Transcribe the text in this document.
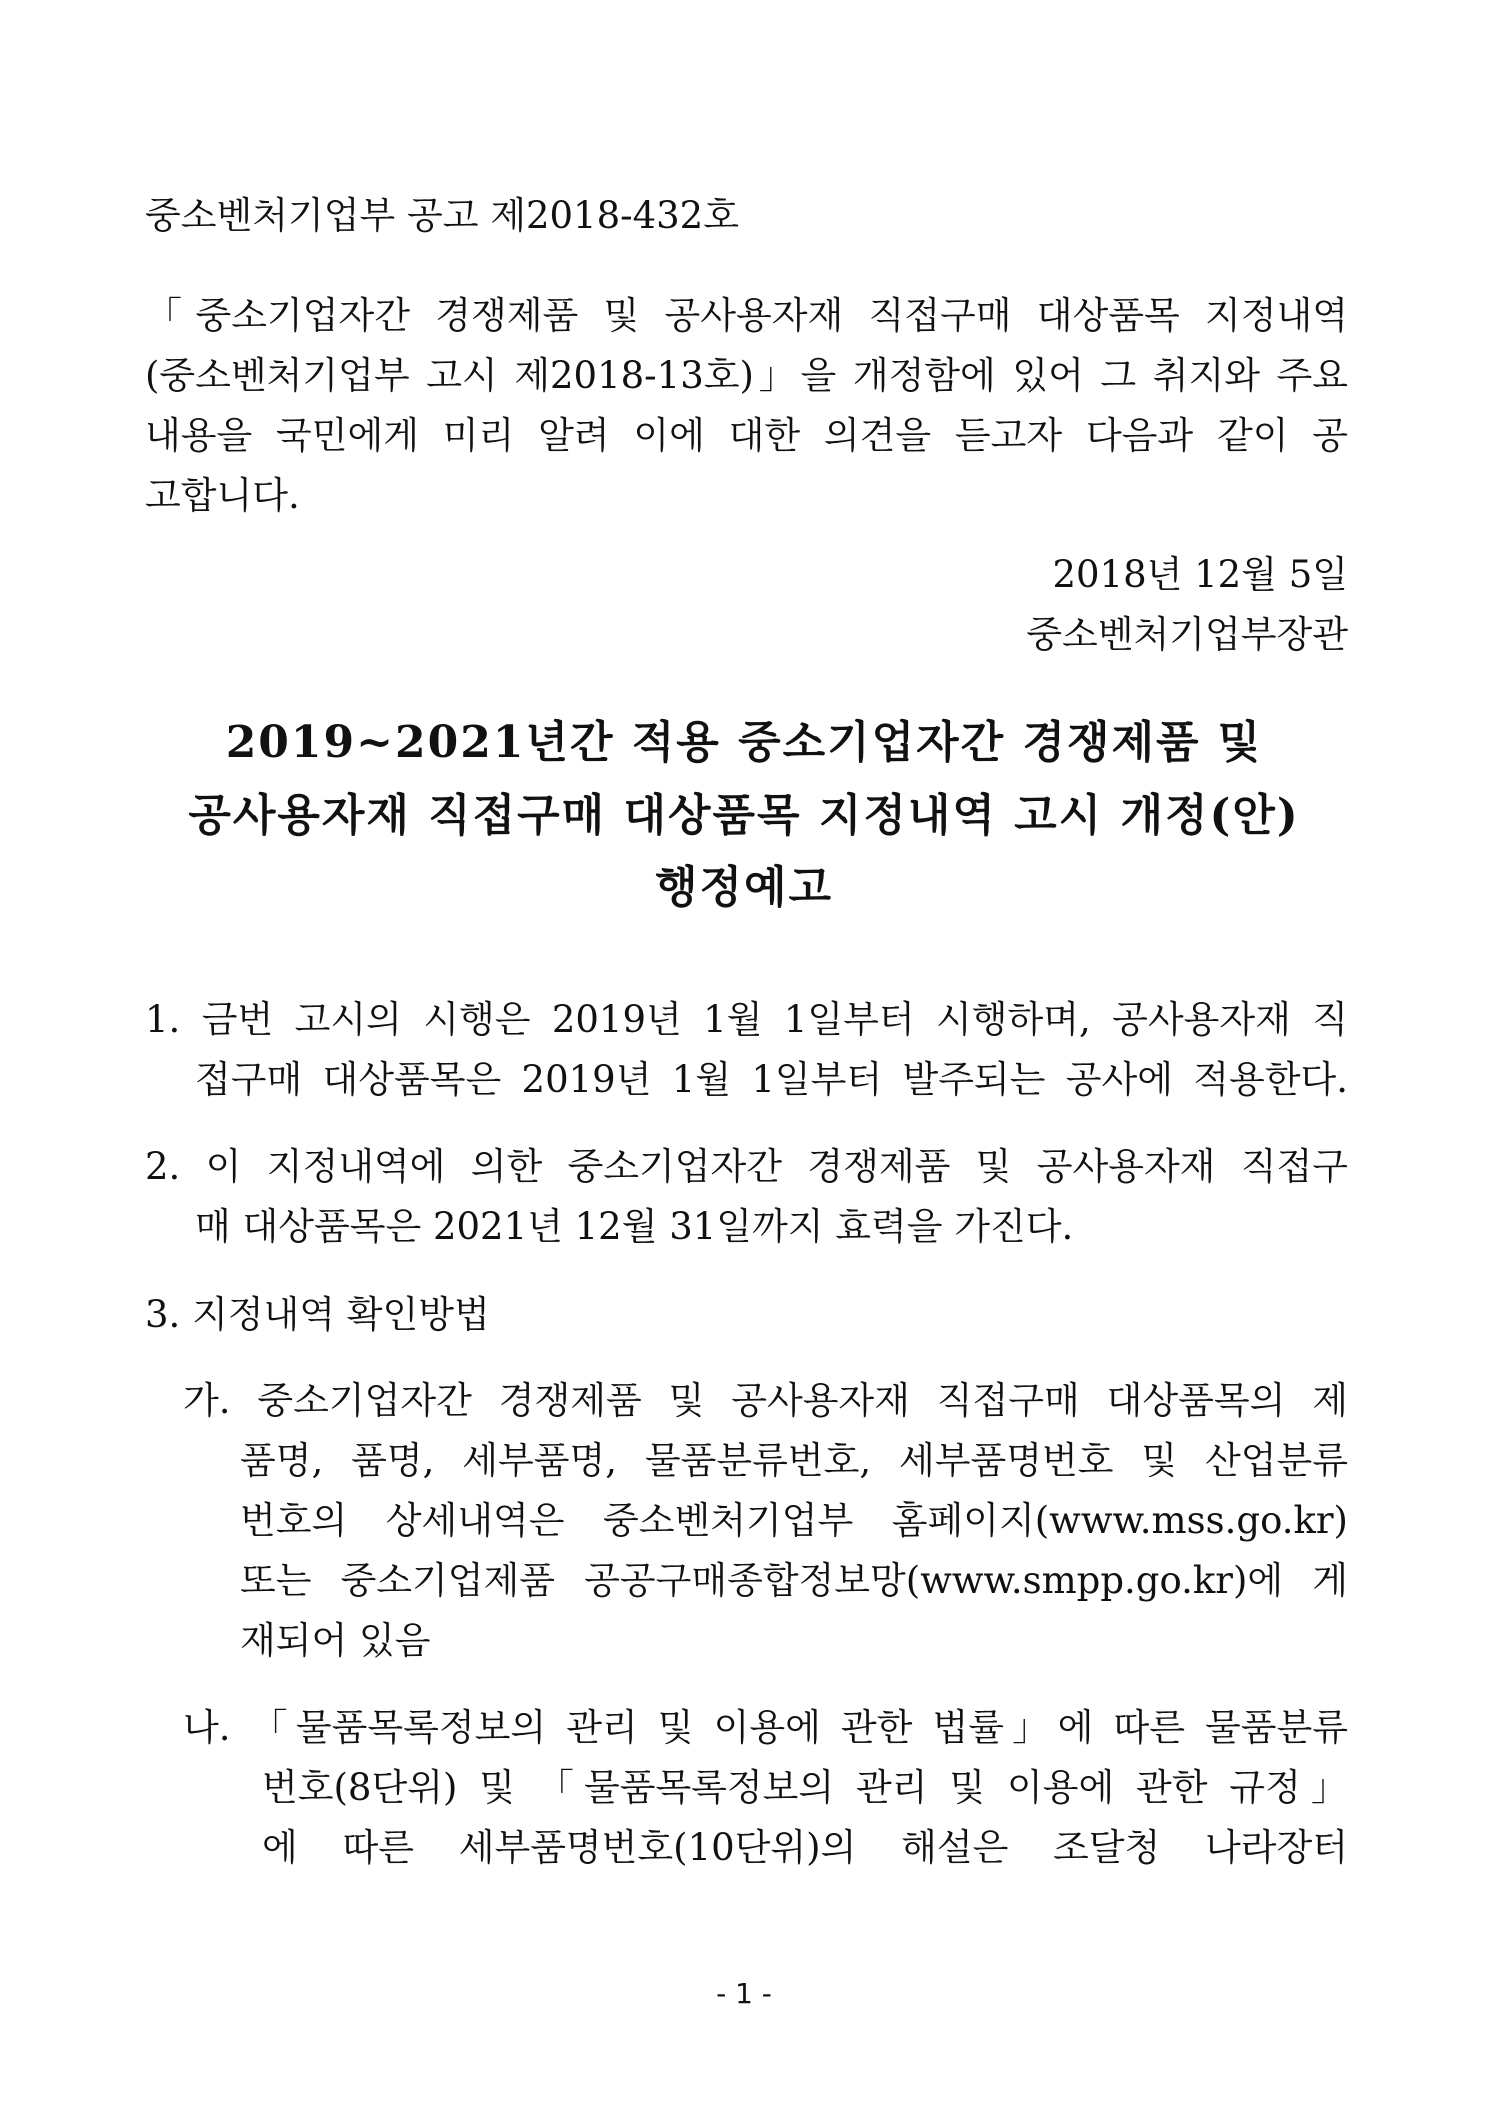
중소벤처기업부 공고 제2018-432호
「중소기업자간 경쟁제품 및 공사용자재 직접구매 대상품목 지정내역
(중소벤처기업부 고시 제2018-13호)」을 개정함에 있어 그 취지와 주요
내용을 국민에게 미리 알려 이에 대한 의견을 듣고자 다음과 같이 공
고합니다.
2018년 12월 5일
중소벤처기업부장관
2019~2021년간 적용 중소기업자간 경쟁제품 및
공사용자재 직접구매 대상품목 지정내역 고시 개정(안)
행정예고
1. 금번 고시의 시행은 2019년 1월 1일부터 시행하며, 공사용자재 직
접구매 대상품목은 2019년 1월 1일부터 발주되는 공사에 적용한다.
2. 이 지정내역에 의한 중소기업자간 경쟁제품 및 공사용자재 직접구
매 대상품목은 2021년 12월 31일까지 효력을 가진다.
3. 지정내역 확인방법
가. 중소기업자간 경쟁제품 및 공사용자재 직접구매 대상품목의 제
품명, 품명, 세부품명, 물품분류번호, 세부품명번호 및 산업분류
번호의 상세내역은 중소벤처기업부 홈페이지(www.mss.go.kr)
또는 중소기업제품 공공구매종합정보망(www.smpp.go.kr)에 게
재되어 있음
나. 「물품목록정보의 관리 및 이용에 관한 법률」에 따른 물품분류
번호(8단위) 및 「물품목록정보의 관리 및 이용에 관한 규정」
에 따른 세부품명번호(10단위)의 해설은 조달청 나라장터
- 1 -
